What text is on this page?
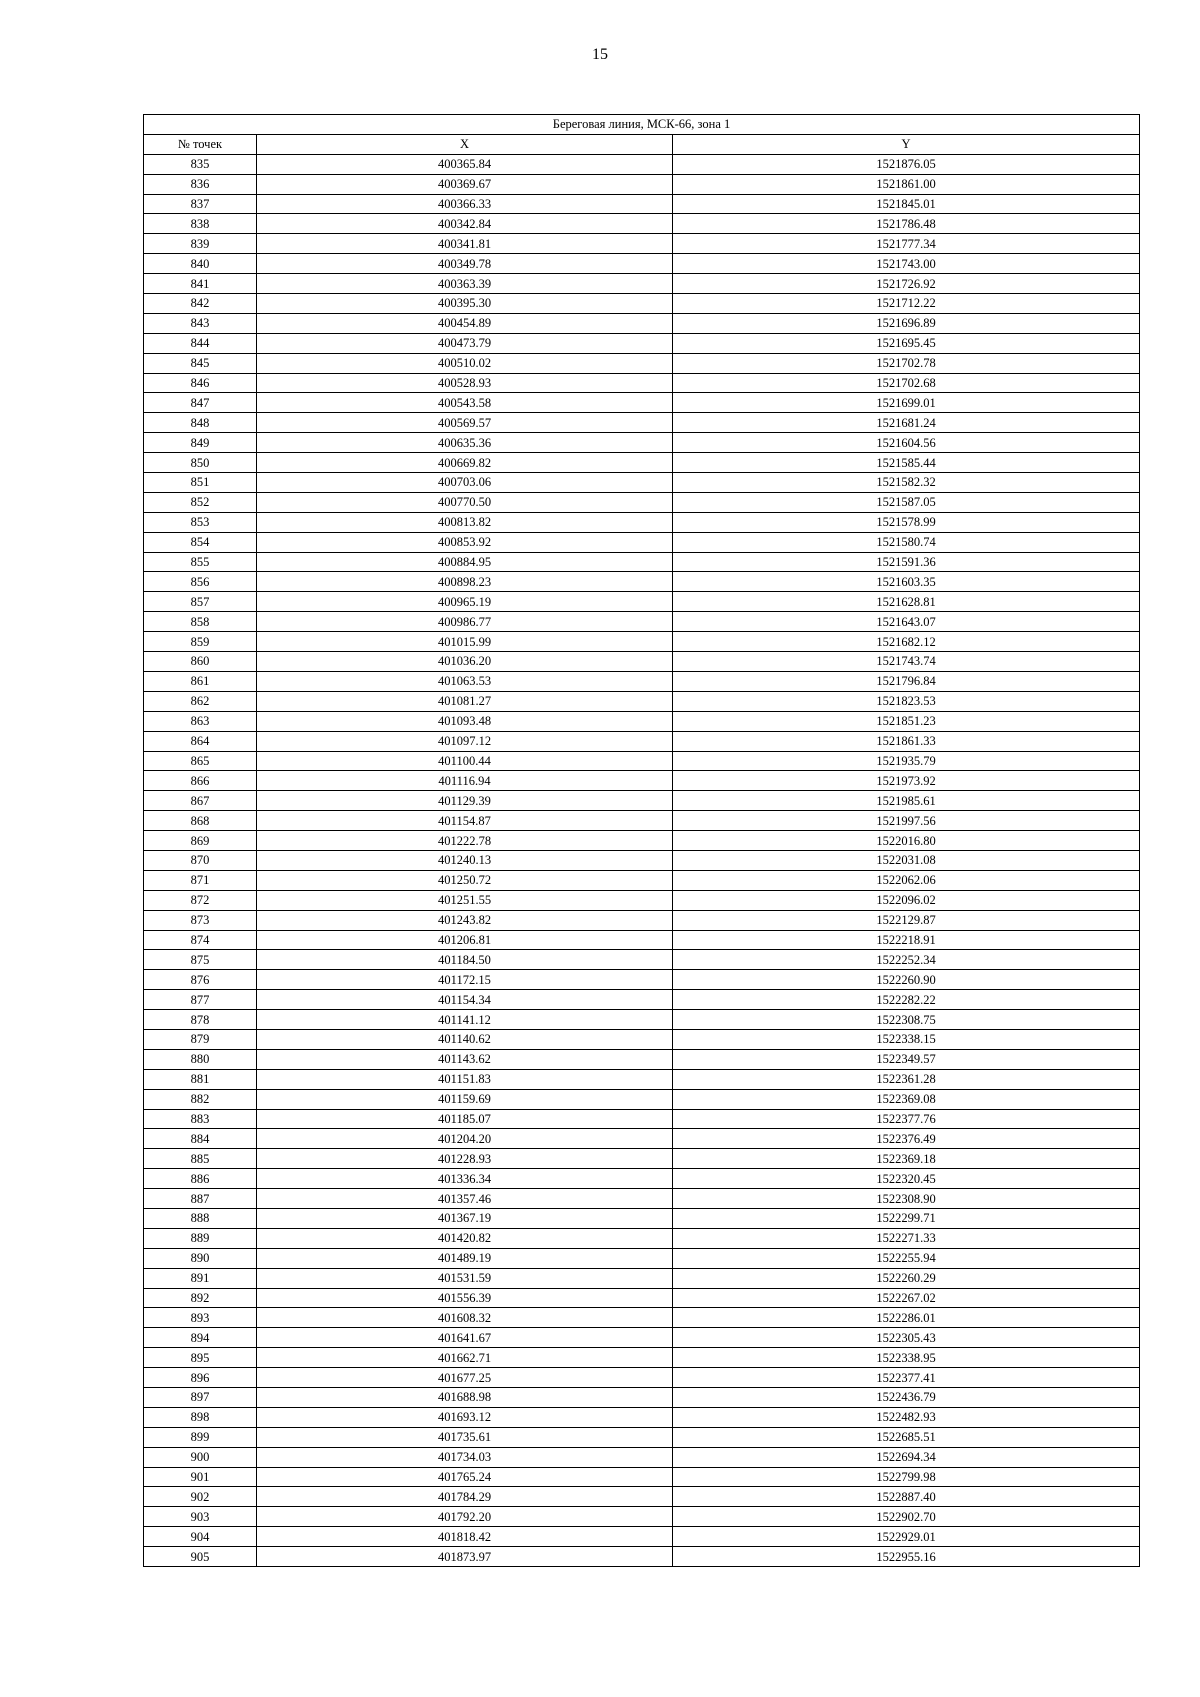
15
Береговая линия, МСК-66, зона 1		
№ точек	X	Y
835	400365.84	1521876.05
836	400369.67	1521861.00
837	400366.33	1521845.01
838	400342.84	1521786.48
839	400341.81	1521777.34
840	400349.78	1521743.00
841	400363.39	1521726.92
842	400395.30	1521712.22
843	400454.89	1521696.89
844	400473.79	1521695.45
845	400510.02	1521702.78
846	400528.93	1521702.68
847	400543.58	1521699.01
848	400569.57	1521681.24
849	400635.36	1521604.56
850	400669.82	1521585.44
851	400703.06	1521582.32
852	400770.50	1521587.05
853	400813.82	1521578.99
854	400853.92	1521580.74
855	400884.95	1521591.36
856	400898.23	1521603.35
857	400965.19	1521628.81
858	400986.77	1521643.07
859	401015.99	1521682.12
860	401036.20	1521743.74
861	401063.53	1521796.84
862	401081.27	1521823.53
863	401093.48	1521851.23
864	401097.12	1521861.33
865	401100.44	1521935.79
866	401116.94	1521973.92
867	401129.39	1521985.61
868	401154.87	1521997.56
869	401222.78	1522016.80
870	401240.13	1522031.08
871	401250.72	1522062.06
872	401251.55	1522096.02
873	401243.82	1522129.87
874	401206.81	1522218.91
875	401184.50	1522252.34
876	401172.15	1522260.90
877	401154.34	1522282.22
878	401141.12	1522308.75
879	401140.62	1522338.15
880	401143.62	1522349.57
881	401151.83	1522361.28
882	401159.69	1522369.08
883	401185.07	1522377.76
884	401204.20	1522376.49
885	401228.93	1522369.18
886	401336.34	1522320.45
887	401357.46	1522308.90
888	401367.19	1522299.71
889	401420.82	1522271.33
890	401489.19	1522255.94
891	401531.59	1522260.29
892	401556.39	1522267.02
893	401608.32	1522286.01
894	401641.67	1522305.43
895	401662.71	1522338.95
896	401677.25	1522377.41
897	401688.98	1522436.79
898	401693.12	1522482.93
899	401735.61	1522685.51
900	401734.03	1522694.34
901	401765.24	1522799.98
902	401784.29	1522887.40
903	401792.20	1522902.70
904	401818.42	1522929.01
905	401873.97	1522955.16
